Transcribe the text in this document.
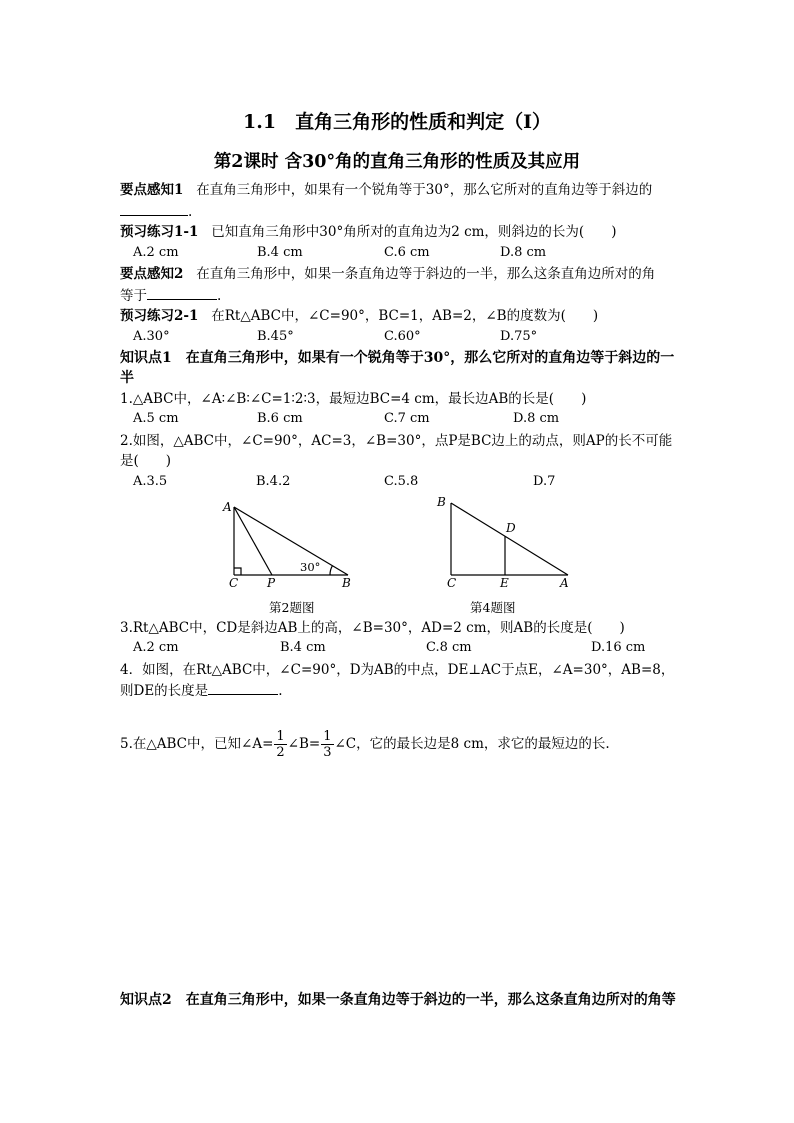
1.1　直角三角形的性质和判定（Ⅰ）
第2课时 含30°角的直角三角形的性质及其应用
要点感知1 在直角三角形中，如果有一个锐角等于30°，那么它所对的直角边等于斜边的
.
预习练习1-1 已知直角三角形中30°角所对的直角边为2 cm，则斜边的长为(　　)
A.2 cm	B.4 cm	C.6 cm	D.8 cm
要点感知2 在直角三角形中，如果一条直角边等于斜边的一半，那么这条直角边所对的角
等于	.
预习练习2-1 在Rt△ABC中，∠C=90°，BC=1，AB=2，∠B的度数为(　　)
A.30°	B.45°	C.60°	D.75°
知识点1　在直角三角形中，如果有一个锐角等于30°，那么它所对的直角边等于斜边的一
半
1.△ABC中，∠A∶∠B∶∠C=1∶2∶3，最短边BC=4 cm，最长边AB的长是(　　)
A.5 cm	B.6 cm	C.7 cm	D.8 cm
2.如图，△ABC中，∠C=90°，AC=3，∠B=30°，点P是BC边上的动点，则AP的长不可能
是(　　)
A.3.5	B.4.2	C.5.8	D.7
A
C P	B
30°
第2题图
B
D
C	E	A
第4题图
3.Rt△ABC中，CD是斜边AB上的高，∠B=30°，AD=2 cm，则AB的长度是(　　)
A.2 cm	B.4 cm	C.8 cm	D.16 cm
4．如图，在Rt△ABC中，∠C=90°，D为AB的中点，DE⊥AC于点E，∠A=30°，AB=8，
则DE的长度是	.
5.在△ABC中，已知∠A= $\frac{1}{2}$ ∠B= $\frac{1}{3}$ ∠C，它的最长边是8 cm，求它的最短边的长.
知识点2　在直角三角形中，如果一条直角边等于斜边的一半，那么这条直角边所对的角等
